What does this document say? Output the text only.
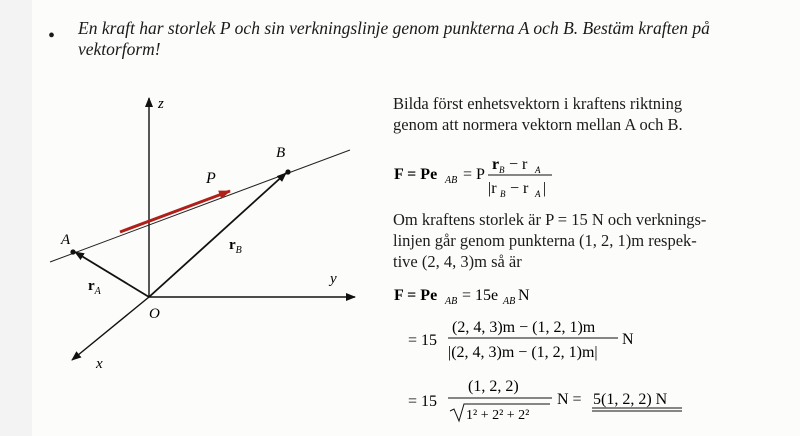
• En kraft har storlek P och sin verkningslinje genom punkterna A och B. Bestäm kraften på vektorform!
z
y
x
O
A
B
P
$r_A$
$r_B$
Bilda först enhetsvektorn i kraftens riktning
genom att normera vektorn mellan A och B.
F = Pe AB = P
r B − r A
|r B − r A |
Om kraftens storlek är P = 15 N och verknings-
linjen går genom punkterna (1, 2, 1)m respek-
tive (2, 4, 3)m så är
F = Pe AB = 15e AB N
= 15
(2, 4, 3)m − (1, 2, 1)m
|(2, 4, 3)m − (1, 2, 1)m|
N
= 15
(1, 2, 2)
1² + 2² + 2²
N = 5(1, 2, 2) N
